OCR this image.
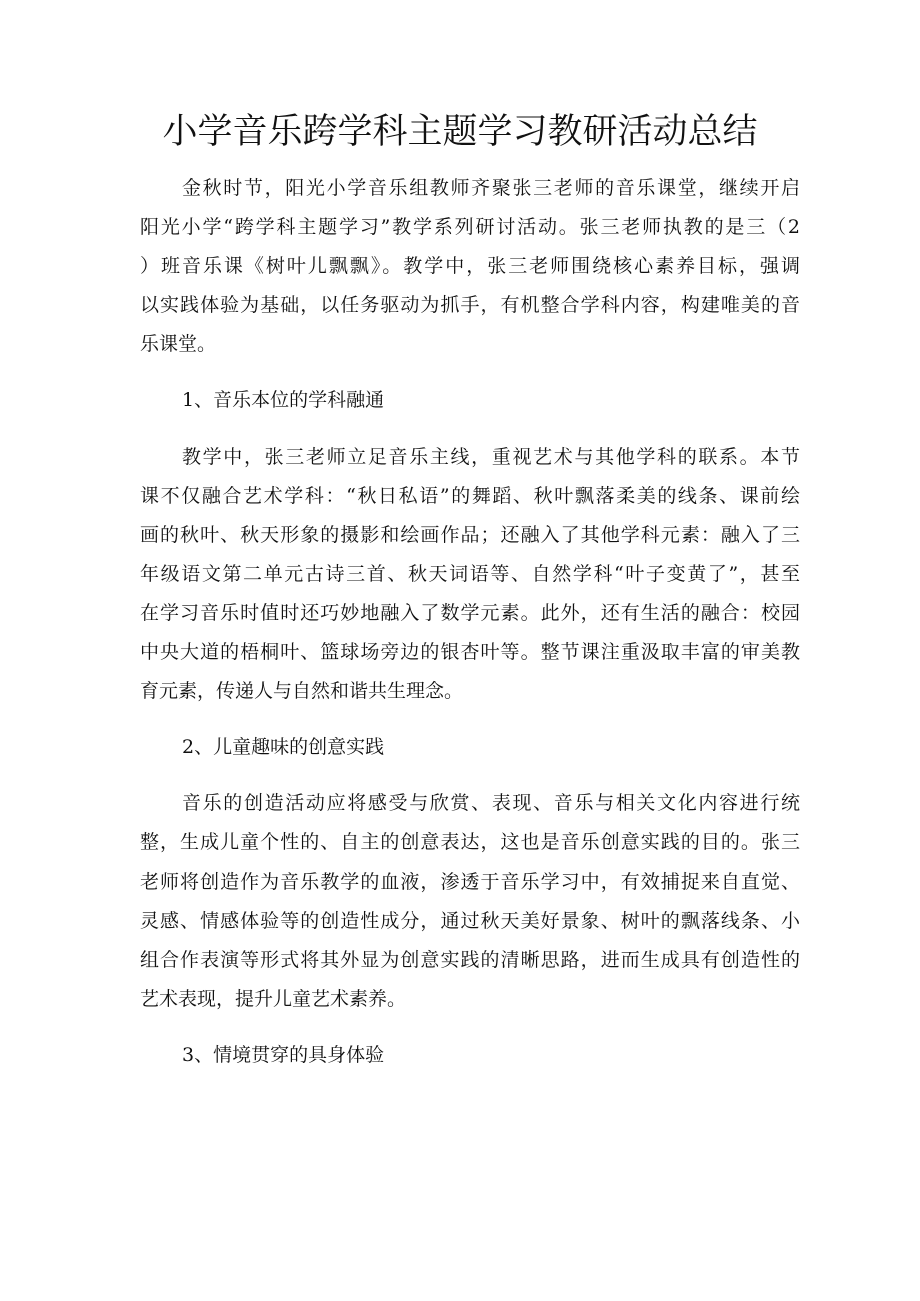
小学音乐跨学科主题学习教研活动总结
金秋时节，阳光小学音乐组教师齐聚张三老师的音乐课堂，继续开启
阳光小学“跨学科主题学习”教学系列研讨活动。张三老师执教的是三（2
）班音乐课《树叶儿飘飘》。教学中，张三老师围绕核心素养目标，强调
以实践体验为基础，以任务驱动为抓手，有机整合学科内容，构建唯美的音
乐课堂。
1、音乐本位的学科融通
教学中，张三老师立足音乐主线，重视艺术与其他学科的联系。本节
课不仅融合艺术学科：“秋日私语”的舞蹈、秋叶飘落柔美的线条、课前绘
画的秋叶、秋天形象的摄影和绘画作品；还融入了其他学科元素：融入了三
年级语文第二单元古诗三首、秋天词语等、自然学科“叶子变黄了”，甚至
在学习音乐时值时还巧妙地融入了数学元素。此外，还有生活的融合：校园
中央大道的梧桐叶、篮球场旁边的银杏叶等。整节课注重汲取丰富的审美教
育元素，传递人与自然和谐共生理念。
2、儿童趣味的创意实践
音乐的创造活动应将感受与欣赏、表现、音乐与相关文化内容进行统
整，生成儿童个性的、自主的创意表达，这也是音乐创意实践的目的。张三
老师将创造作为音乐教学的血液，渗透于音乐学习中，有效捕捉来自直觉、
灵感、情感体验等的创造性成分，通过秋天美好景象、树叶的飘落线条、小
组合作表演等形式将其外显为创意实践的清晰思路，进而生成具有创造性的
艺术表现，提升儿童艺术素养。
3、情境贯穿的具身体验
